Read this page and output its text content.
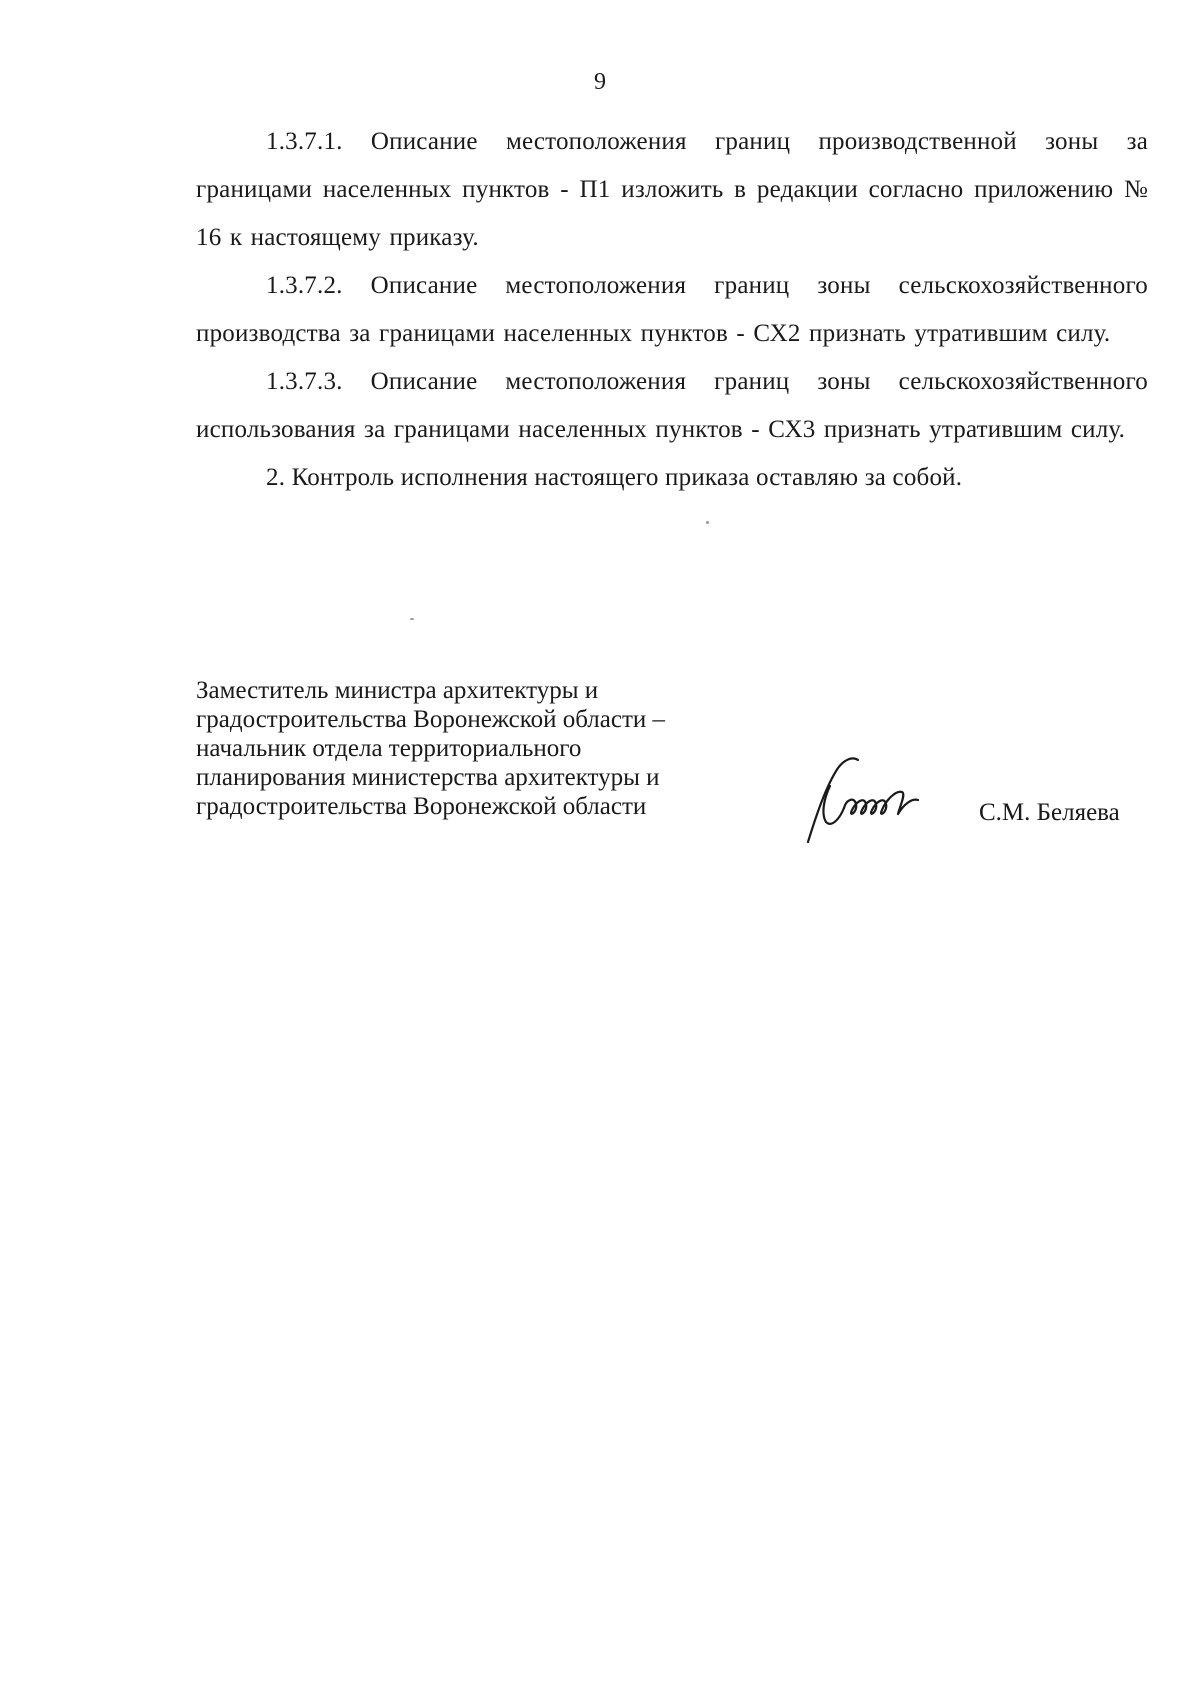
9

1.3.7.1. Описание местоположения границ производственной зоны за границами населенных пунктов - П1 изложить в редакции согласно приложению № 16 к настоящему приказу.

1.3.7.2. Описание местоположения границ зоны сельскохозяйственного производства за границами населенных пунктов - СХ2 признать утратившим силу.

1.3.7.3. Описание местоположения границ зоны сельскохозяйственного использования за границами населенных пунктов - СХ3 признать утратившим силу.

2. Контроль исполнения настоящего приказа оставляю за собой.

Заместитель министра архитектуры и
градостроительства Воронежской области –
начальник отдела территориального
планирования министерства архитектуры и
градостроительства Воронежской области	С.М. Беляева
